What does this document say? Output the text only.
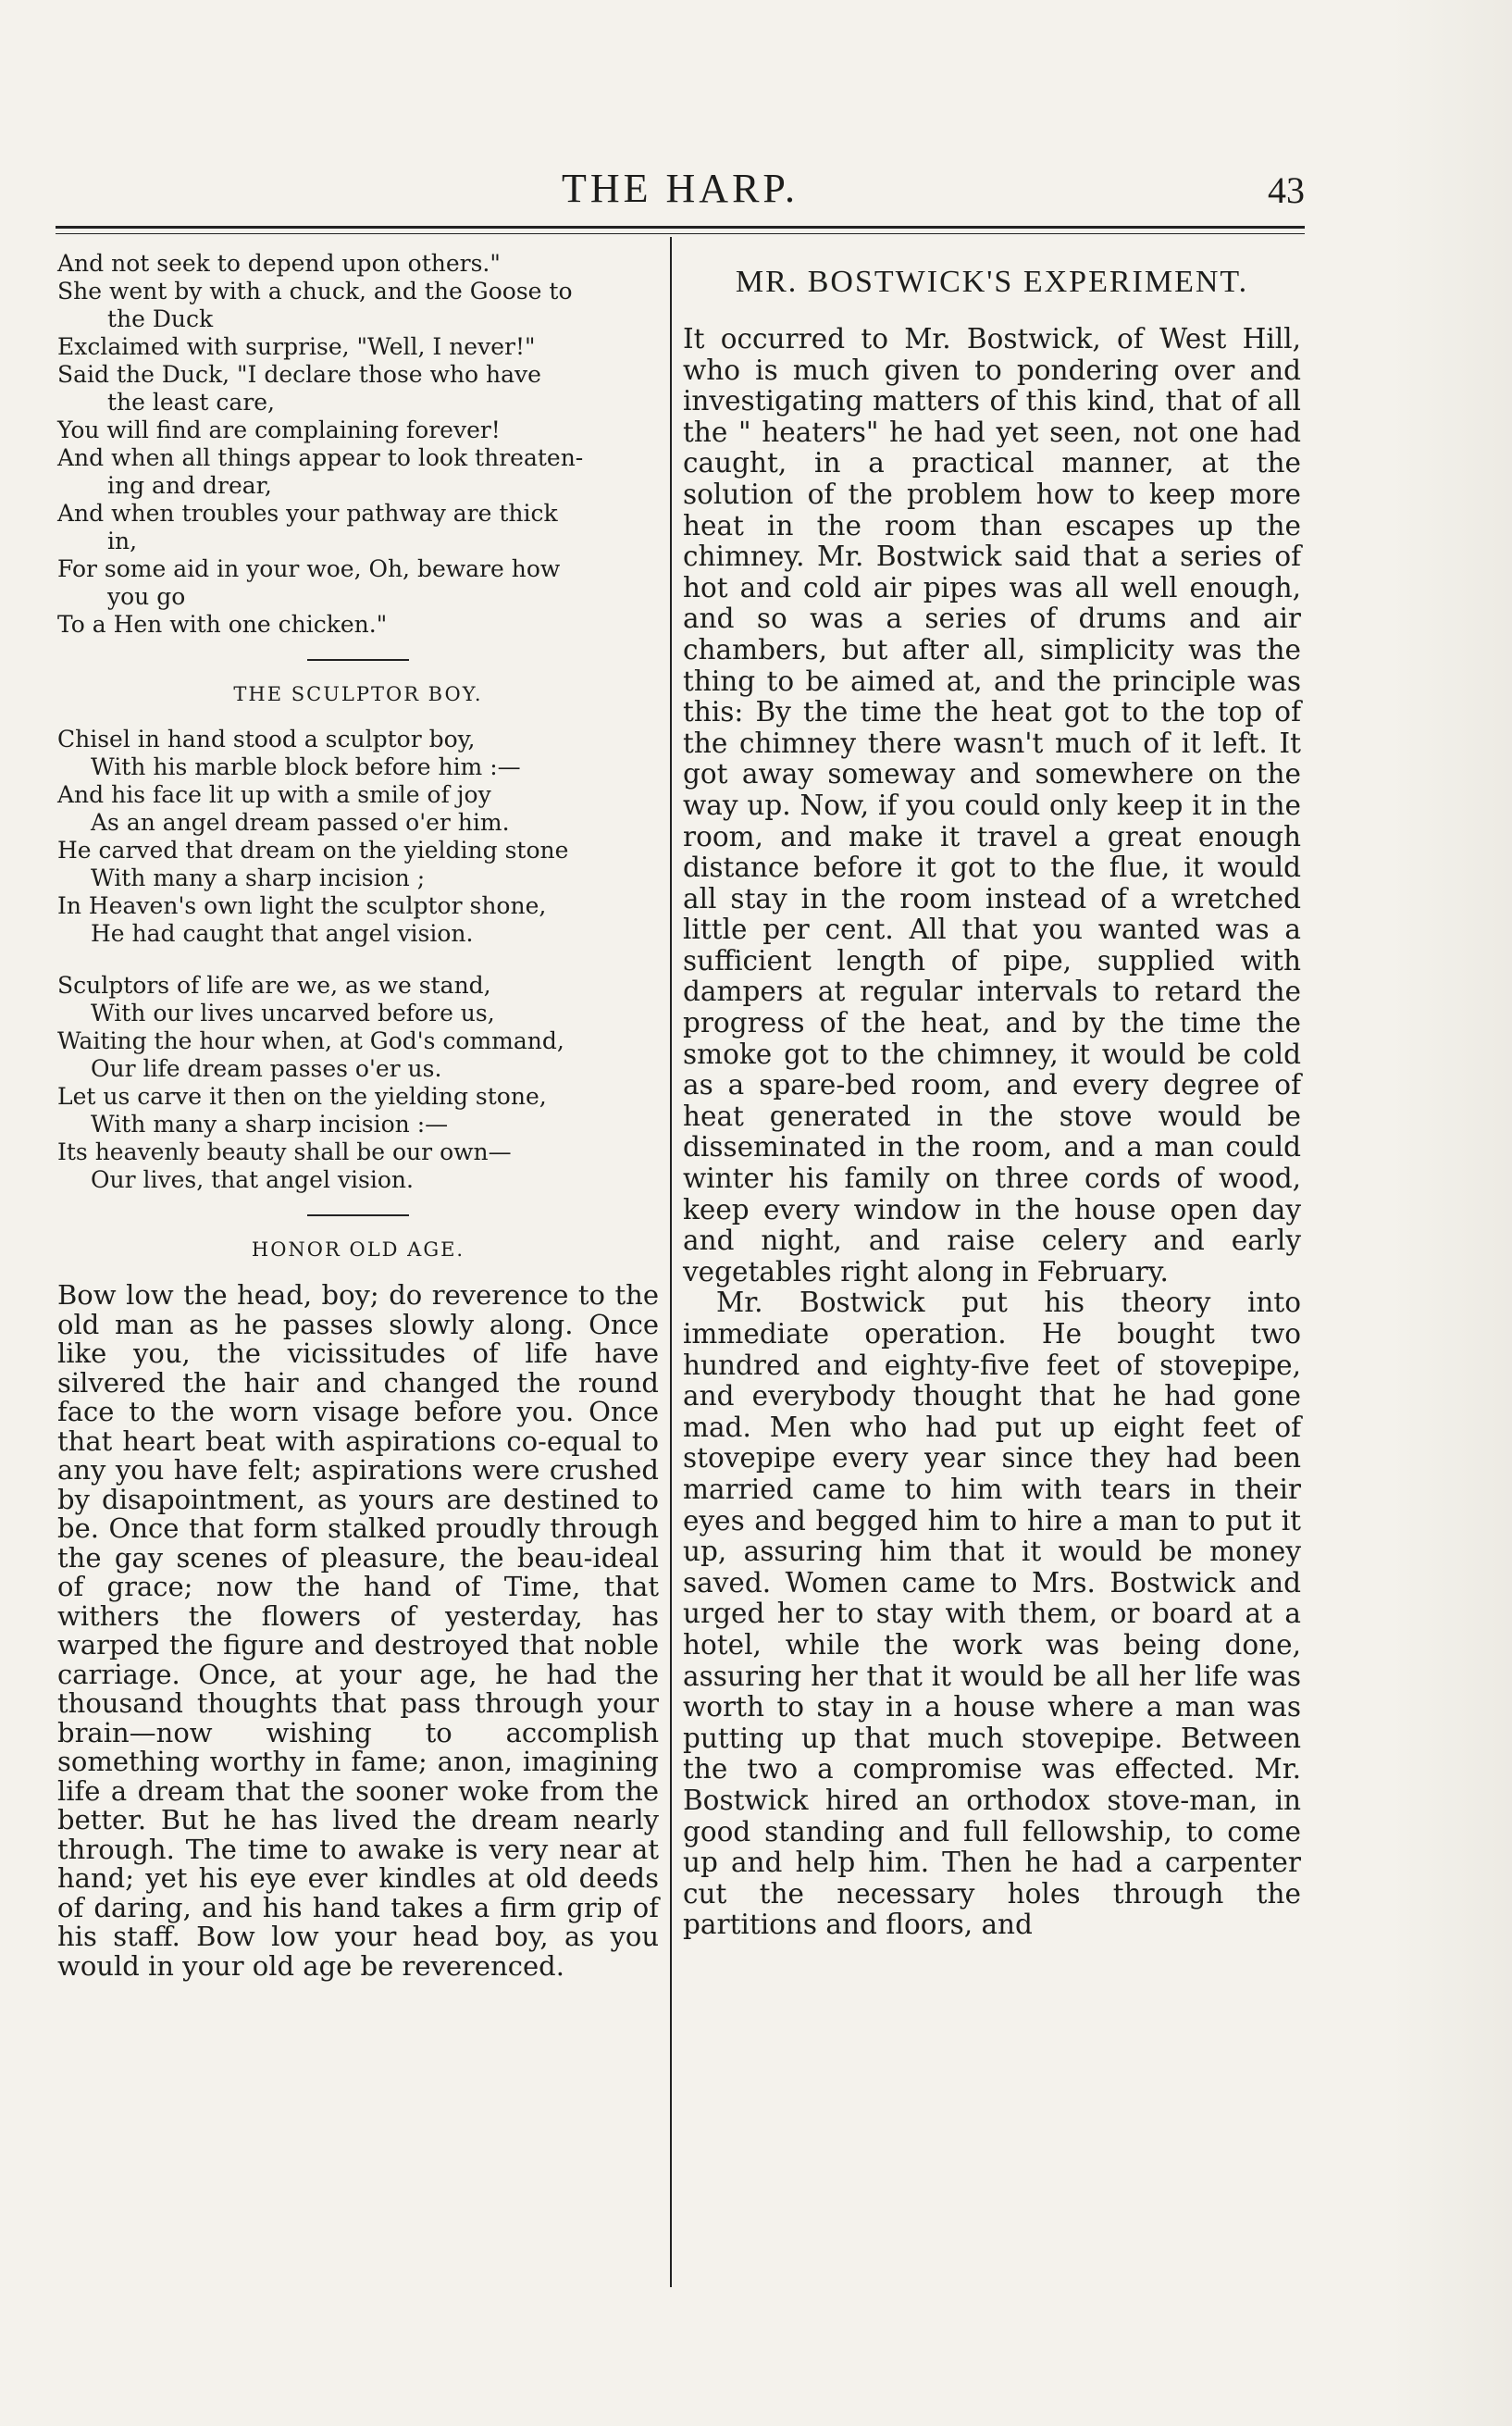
THE HARP.	43
And not seek to depend upon others."
She went by with a chuck, and the Goose to
the Duck
Exclaimed with surprise, "Well, I never!"
Said the Duck, "I declare those who have
the least care,
You will find are complaining forever!
And when all things appear to look threaten-
ing and drear,
And when troubles your pathway are thick
in,
For some aid in your woe, Oh, beware how
you go
To a Hen with one chicken."
THE SCULPTOR BOY.
Chisel in hand stood a sculptor boy,
With his marble block before him :—
And his face lit up with a smile of joy
As an angel dream passed o'er him.
He carved that dream on the yielding stone
With many a sharp incision ;
In Heaven's own light the sculptor shone,
He had caught that angel vision.
Sculptors of life are we, as we stand,
With our lives uncarved before us,
Waiting the hour when, at God's command,
Our life dream passes o'er us.
Let us carve it then on the yielding stone,
With many a sharp incision :—
Its heavenly beauty shall be our own—
Our lives, that angel vision.
HONOR OLD AGE.

Bow low the head, boy; do reverence to the old man as he passes slowly along. Once like you, the vicissitudes of life have silvered the hair and changed the round face to the worn visage before you. Once that heart beat with aspirations co-equal to any you have felt; aspirations were crushed by disapointment, as yours are destined to be. Once that form stalked proudly through the gay scenes of pleasure, the beau-ideal of grace; now the hand of Time, that withers the flowers of yesterday, has warped the figure and destroyed that noble carriage. Once, at your age, he had the thousand thoughts that pass through your brain—now wishing to accomplish something worthy in fame; anon, imagining life a dream that the sooner woke from the better. But he has lived the dream nearly through. The time to awake is very near at hand; yet his eye ever kindles at old deeds of daring, and his hand takes a firm grip of his staff. Bow low your head boy, as you would in your old age be reverenced.

MR. BOSTWICK'S EXPERIMENT.

It occurred to Mr. Bostwick, of West Hill, who is much given to pondering over and investigating matters of this kind, that of all the " heaters" he had yet seen, not one had caught, in a practical manner, at the solution of the problem how to keep more heat in the room than escapes up the chimney. Mr. Bostwick said that a series of hot and cold air pipes was all well enough, and so was a series of drums and air chambers, but after all, simplicity was the thing to be aimed at, and the principle was this: By the time the heat got to the top of the chimney there wasn't much of it left. It got away someway and somewhere on the way up. Now, if you could only keep it in the room, and make it travel a great enough distance before it got to the flue, it would all stay in the room instead of a wretched little per cent. All that you wanted was a sufficient length of pipe, supplied with dampers at regular intervals to retard the progress of the heat, and by the time the smoke got to the chimney, it would be cold as a spare-bed room, and every degree of heat generated in the stove would be disseminated in the room, and a man could winter his family on three cords of wood, keep every window in the house open day and night, and raise celery and early vegetables right along in February.

Mr. Bostwick put his theory into immediate operation. He bought two hundred and eighty-five feet of stovepipe, and everybody thought that he had gone mad. Men who had put up eight feet of stovepipe every year since they had been married came to him with tears in their eyes and begged him to hire a man to put it up, assuring him that it would be money saved. Women came to Mrs. Bostwick and urged her to stay with them, or board at a hotel, while the work was being done, assuring her that it would be all her life was worth to stay in a house where a man was putting up that much stovepipe. Between the two a compromise was effected. Mr. Bostwick hired an orthodox stove-man, in good standing and full fellowship, to come up and help him. Then he had a carpenter cut the necessary holes through the partitions and floors, and
